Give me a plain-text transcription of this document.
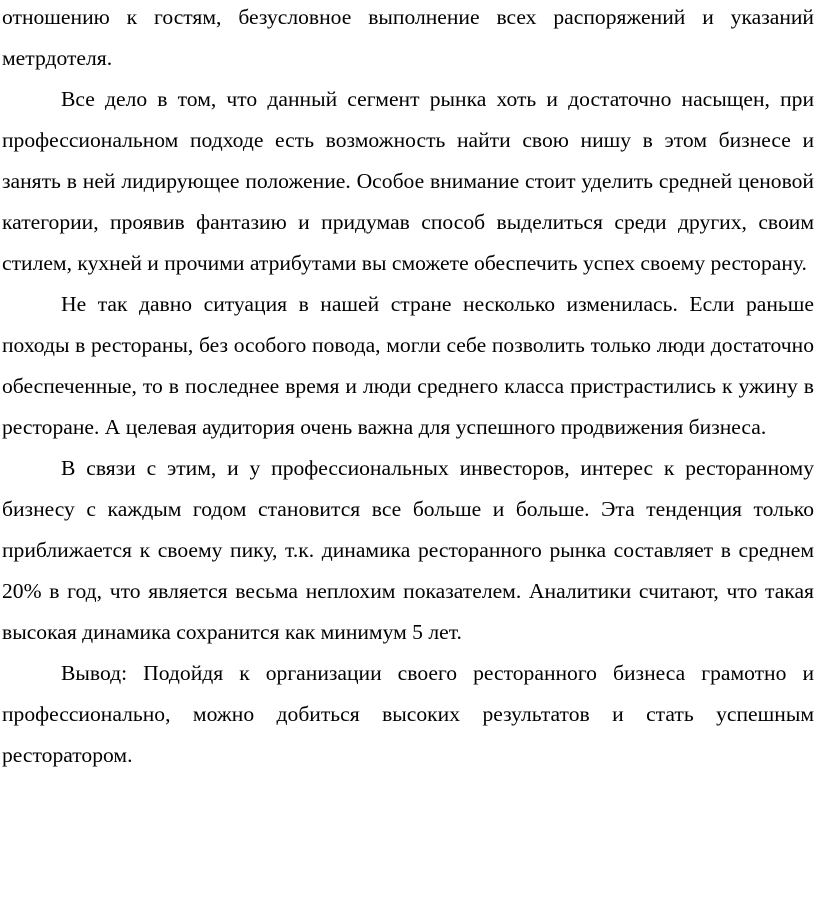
отношению к гостям, безусловное выполнение всех распоряжений и указаний метрдотеля.

Все дело в том, что данный сегмент рынка хоть и достаточно насыщен, при профессиональном подходе есть возможность найти свою нишу в этом бизнесе и занять в ней лидирующее положение. Особое внимание стоит уделить средней ценовой категории, проявив фантазию и придумав способ выделиться среди других, своим стилем, кухней и прочими атрибутами вы сможете обеспечить успех своему ресторану.

Не так давно ситуация в нашей стране несколько изменилась. Если раньше походы в рестораны, без особого повода, могли себе позволить только люди достаточно обеспеченные, то в последнее время и люди среднего класса пристрастились к ужину в ресторане. А целевая аудитория очень важна для успешного продвижения бизнеса.

В связи с этим, и у профессиональных инвесторов, интерес к ресторанному бизнесу с каждым годом становится все больше и больше. Эта тенденция только приближается к своему пику, т.к. динамика ресторанного рынка составляет в среднем 20% в год, что является весьма неплохим показателем. Аналитики считают, что такая высокая динамика сохранится как минимум 5 лет.

Вывод: Подойдя к организации своего ресторанного бизнеса грамотно и профессионально, можно добиться высоких результатов и стать успешным ресторатором.
